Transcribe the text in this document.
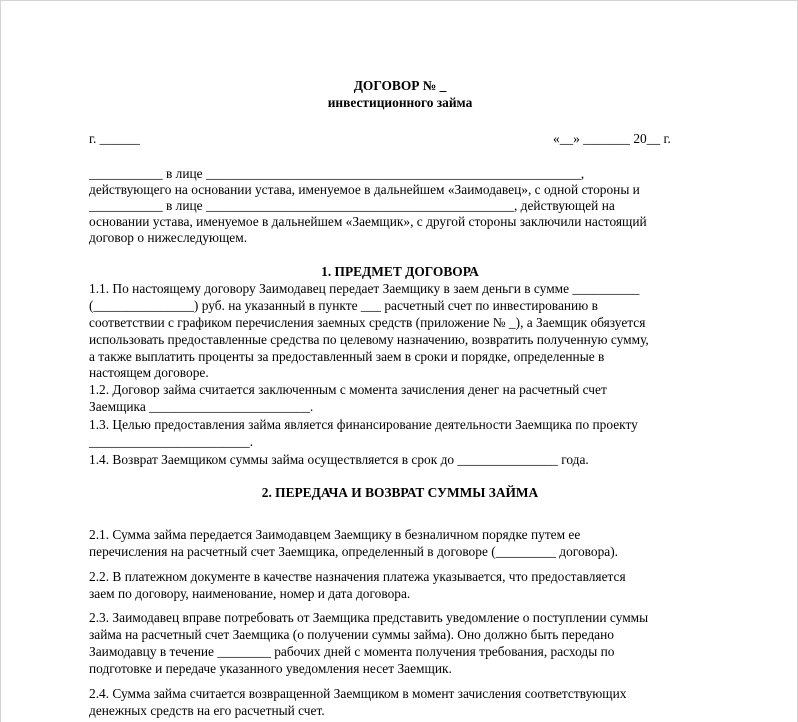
ДОГОВОР № _
инвестиционного займа
г. ______	«__» _______ 20__ г.
___________ в лице ________________________________________________________,
действующего на основании устава, именуемое в дальнейшем «Заимодавец», с одной стороны и
___________ в лице ______________________________________________, действующей на
основании устава, именуемое в дальнейшем «Заемщик», с другой стороны заключили настоящий
договор о нижеследующем.
1. ПРЕДМЕТ ДОГОВОРА
1.1. По настоящему договору Заимодавец передает Заемщику в заем деньги в сумме __________
(_______________) руб. на указанный в пункте ___ расчетный счет по инвестированию в
соответствии с графиком перечисления заемных средств (приложение № _), а Заемщик обязуется
использовать предоставленные средства по целевому назначению, возвратить полученную сумму,
а также выплатить проценты за предоставленный заем в сроки и порядке, определенные в
настоящем договоре.
1.2. Договор займа считается заключенным с момента зачисления денег на расчетный счет
Заемщика ________________________.
1.3. Целью предоставления займа является финансирование деятельности Заемщика по проекту
________________________.
1.4. Возврат Заемщиком суммы займа осуществляется в срок до _______________ года.
2. ПЕРЕДАЧА И ВОЗВРАТ СУММЫ ЗАЙМА
2.1. Сумма займа передается Заимодавцем Заемщику в безналичном порядке путем ее
перечисления на расчетный счет Заемщика, определенный в договоре (_________ договора).
2.2. В платежном документе в качестве назначения платежа указывается, что предоставляется
заем по договору, наименование, номер и дата договора.
2.3. Заимодавец вправе потребовать от Заемщика представить уведомление о поступлении суммы
займа на расчетный счет Заемщика (о получении суммы займа). Оно должно быть передано
Заимодавцу в течение ________ рабочих дней с момента получения требования, расходы по
подготовке и передаче указанного уведомления несет Заемщик.
2.4. Сумма займа считается возвращенной Заемщиком в момент зачисления соответствующих
денежных средств на его расчетный счет.
